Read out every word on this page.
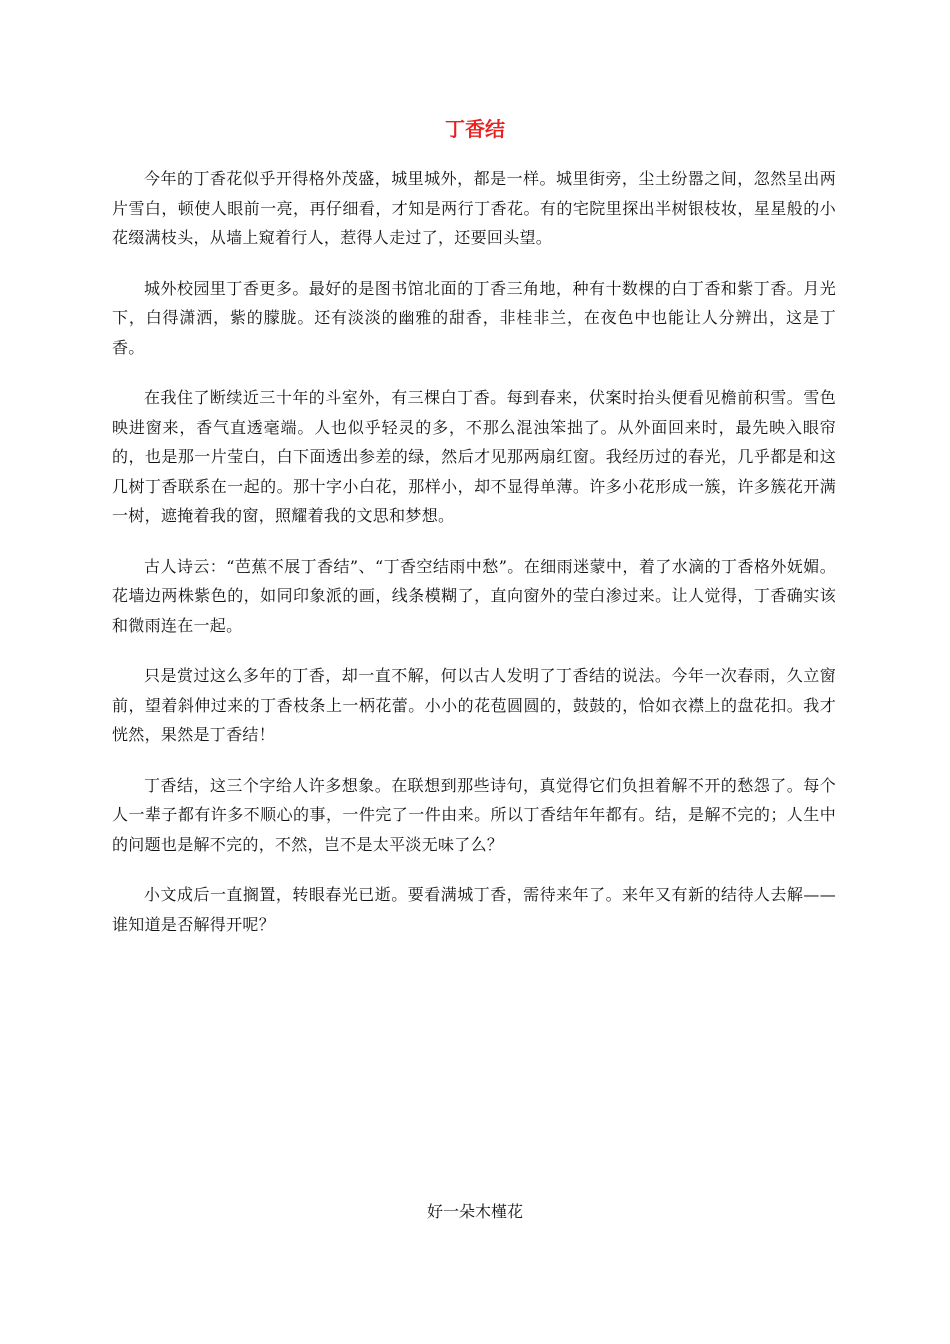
丁香结

今年的丁香花似乎开得格外茂盛，城里城外，都是一样。城里街旁，尘土纷嚣之间，忽然呈出两片雪白，顿使人眼前一亮，再仔细看，才知是两行丁香花。有的宅院里探出半树银枝妆，星星般的小花缀满枝头，从墙上窥着行人，惹得人走过了，还要回头望。

城外校园里丁香更多。最好的是图书馆北面的丁香三角地，种有十数棵的白丁香和紫丁香。月光下，白得潇洒，紫的朦胧。还有淡淡的幽雅的甜香，非桂非兰，在夜色中也能让人分辨出，这是丁香。

在我住了断续近三十年的斗室外，有三棵白丁香。每到春来，伏案时抬头便看见檐前积雪。雪色映进窗来，香气直透毫端。人也似乎轻灵的多，不那么混浊笨拙了。从外面回来时，最先映入眼帘的，也是那一片莹白，白下面透出参差的绿，然后才见那两扇红窗。我经历过的春光，几乎都是和这几树丁香联系在一起的。那十字小白花，那样小，却不显得单薄。许多小花形成一簇，许多簇花开满一树，遮掩着我的窗，照耀着我的文思和梦想。

古人诗云：“芭蕉不展丁香结”、“丁香空结雨中愁”。在细雨迷蒙中，着了水滴的丁香格外妩媚。花墙边两株紫色的，如同印象派的画，线条模糊了，直向窗外的莹白渗过来。让人觉得，丁香确实该和微雨连在一起。

只是赏过这么多年的丁香，却一直不解，何以古人发明了丁香结的说法。今年一次春雨，久立窗前，望着斜伸过来的丁香枝条上一柄花蕾。小小的花苞圆圆的，鼓鼓的，恰如衣襟上的盘花扣。我才恍然，果然是丁香结！

丁香结，这三个字给人许多想象。在联想到那些诗句，真觉得它们负担着解不开的愁怨了。每个人一辈子都有许多不顺心的事，一件完了一件由来。所以丁香结年年都有。结，是解不完的；人生中的问题也是解不完的，不然，岂不是太平淡无味了么？

小文成后一直搁置，转眼春光已逝。要看满城丁香，需待来年了。来年又有新的结待人去解——谁知道是否解得开呢？

好一朵木槿花
